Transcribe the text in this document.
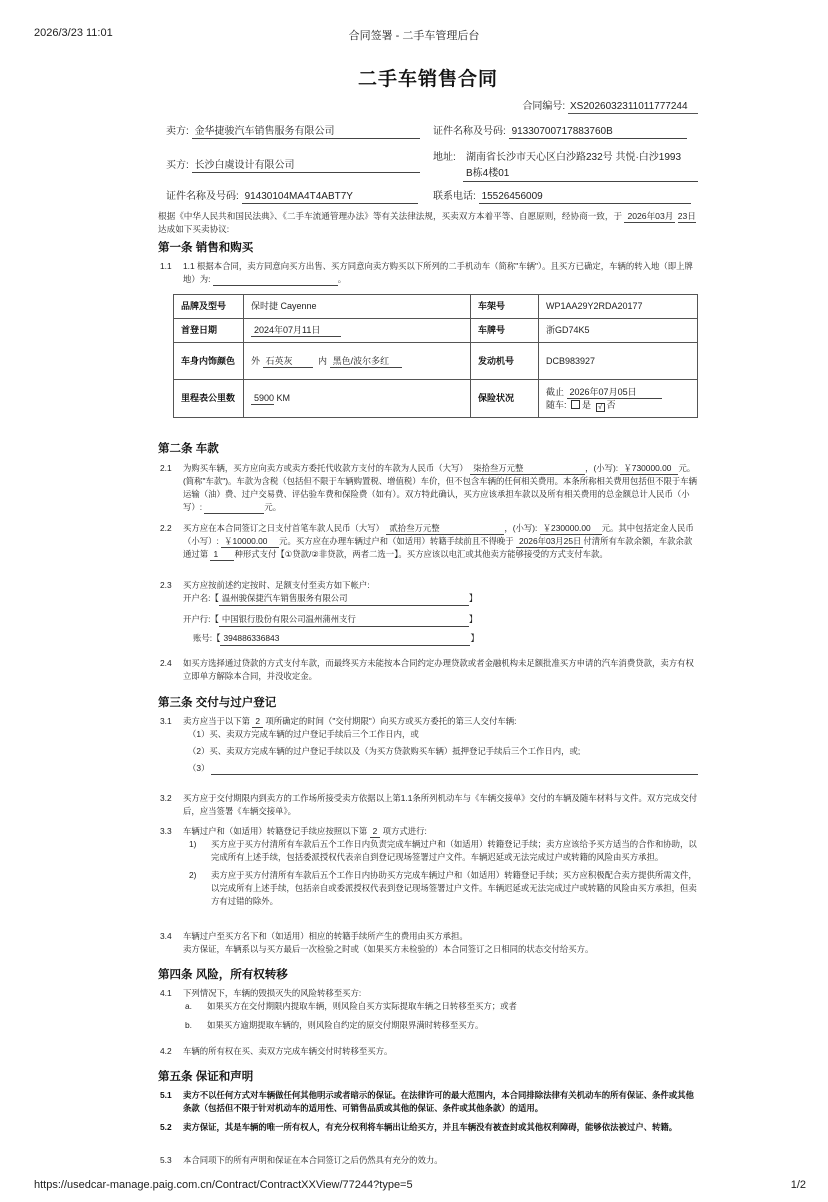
2026/3/23 11:01	合同签署 - 二手车管理后台
https://usedcar-manage.paig.com.cn/Contract/ContractXXView/77244?type=5	1/2
二手车销售合同
合同编号: XS2026032311011777244
卖方: 金华捷骏汽车销售服务有限公司	证件名称及号码: 91330700717883760B
买方: 长沙白虞设计有限公司
地址: 湖南省长沙市天心区白沙路232号 共悦·白沙1993
B栋4楼01
证件名称及号码: 91430104MA4T4ABT7Y	联系电话: 15526456009
根据《中华人民共和国民法典》、《二手车流通管理办法》等有关法律法规，买卖双方本着平等、自愿原则，经协商一致，于 2026年03月 23日 达成如下买卖协议:
第一条 销售和购买
1.1 1.1 根据本合同，卖方同意向买方出售、买方同意向卖方购买以下所列的二手机动车（简称"车辆"）。且买方已确定，车辆的转入地（即上牌地）为:	。
品牌及型号	保时捷 Cayenne	车架号	WP1AA29Y2RDA20177
首登日期	2024年07月11日	车牌号	浙GD74K5
车身内饰颜色	外 石英灰 内 黑色/波尔多红	发动机号	DCB983927
里程表公里数	5900 KM	保险状况	截止 2026年07月05日
随车: 是 √ 否
第二条 车款
2.1 为购买车辆，买方应向卖方或卖方委托代收款方支付的车款为人民币（大写） 柒拾叁万元整	，(小写): ￥730000.00 元。(简称"车款")。车款为含税（包括但不限于车辆购置税、增值税）车价，但不包含车辆的任何相关费用。本条所称相关费用包括但不限于车辆运输（油）费、过户交易费、评估验车费和保险费（如有）。双方特此确认，买方应该承担车款以及所有相关费用的总金额总计人民币（小写）:	元。
2.2 买方应在本合同签订之日支付首笔车款人民币（大写） 贰拾叁万元整	，(小写): ￥230000.00 元。其中包括定金人民币（小写）: ￥10000.00 元。买方应在办理车辆过户和（如适用）转籍手续前且不得晚于 2026年03月25日 付清所有车款余额，车款余款通过第 1 种形式支付【①贷款/②非贷款，两者二选一】。买方应该以电汇或其他卖方能够接受的方式支付车款。
2.3 买方应按前述约定按时、足额支付至卖方如下帐户:
开户名:【 温州骏保捷汽车销售服务有限公司	】
开户行:【 中国银行股份有限公司温州蒲州支行	】
账号:【 394886336843	】
2.4 如买方选择通过贷款的方式支付车款，而最终买方未能按本合同约定办理贷款或者金融机构未足额批准买方申请的汽车消费贷款，卖方有权立即单方解除本合同，并没收定金。
第三条 交付与过户登记
3.1 卖方应当于以下第 2 项所确定的时间（"交付期限"）向买方或买方委托的第三人交付车辆:
（1）买、卖双方完成车辆的过户登记手续后三个工作日内，或
（2）买、卖双方完成车辆的过户登记手续以及（为买方贷款购买车辆）抵押登记手续后三个工作日内，或;
（3）
3.2 买方应于交付期限内到卖方的工作场所接受卖方依据以上第1.1条所列机动车与《车辆交接单》交付的车辆及随车材料与文件。双方完成交付后，应当签署《车辆交接单》。
3.3 车辆过户和（如适用）转籍登记手续应按照以下第 2 项方式进行:
1) 买方应于买方付清所有车款后五个工作日内负责完成车辆过户和（如适用）转籍登记手续；卖方应该给予买方适当的合作和协助，以完成所有上述手续，包括委派授权代表亲自到登记现场签署过户文件。车辆迟延或无法完成过户或转籍的风险由买方承担。
2) 卖方应于买方付清所有车款后五个工作日内协助买方完成车辆过户和（如适用）转籍登记手续；买方应积极配合卖方提供所需文件，以完成所有上述手续，包括亲自或委派授权代表到登记现场签署过户文件。车辆迟延或无法完成过户或转籍的风险由买方承担，但卖方有过错的除外。
3.4 车辆过户至买方名下和（如适用）相应的转籍手续所产生的费用由买方承担。
卖方保证，车辆系以与买方最后一次检验之时或（如果买方未检验的）本合同签订之日相同的状态交付给买方。
第四条 风险，所有权转移
4.1 下列情况下，车辆的毁损灭失的风险转移至买方:
a. 如果买方在交付期限内提取车辆，则风险自买方实际提取车辆之日转移至买方；或者
b. 如果买方逾期提取车辆的，则风险自约定的原交付期限界满时转移至买方。
4.2 车辆的所有权在买、卖双方完成车辆交付时转移至买方。
第五条 保证和声明
5.1 卖方不以任何方式对车辆做任何其他明示或者暗示的保证。在法律许可的最大范围内，本合同排除法律有关机动车的所有保证、条件或其他条款（包括但不限于针对机动车的适用性、可销售品质或其他的保证、条件或其他条款）的适用。
5.2 卖方保证，其是车辆的唯一所有权人，有充分权利将车辆出让给买方，并且车辆没有被查封或其他权利障碍，能够依法被过户、转籍。
5.3 本合同项下的所有声明和保证在本合同签订之后仍然具有充分的效力。
